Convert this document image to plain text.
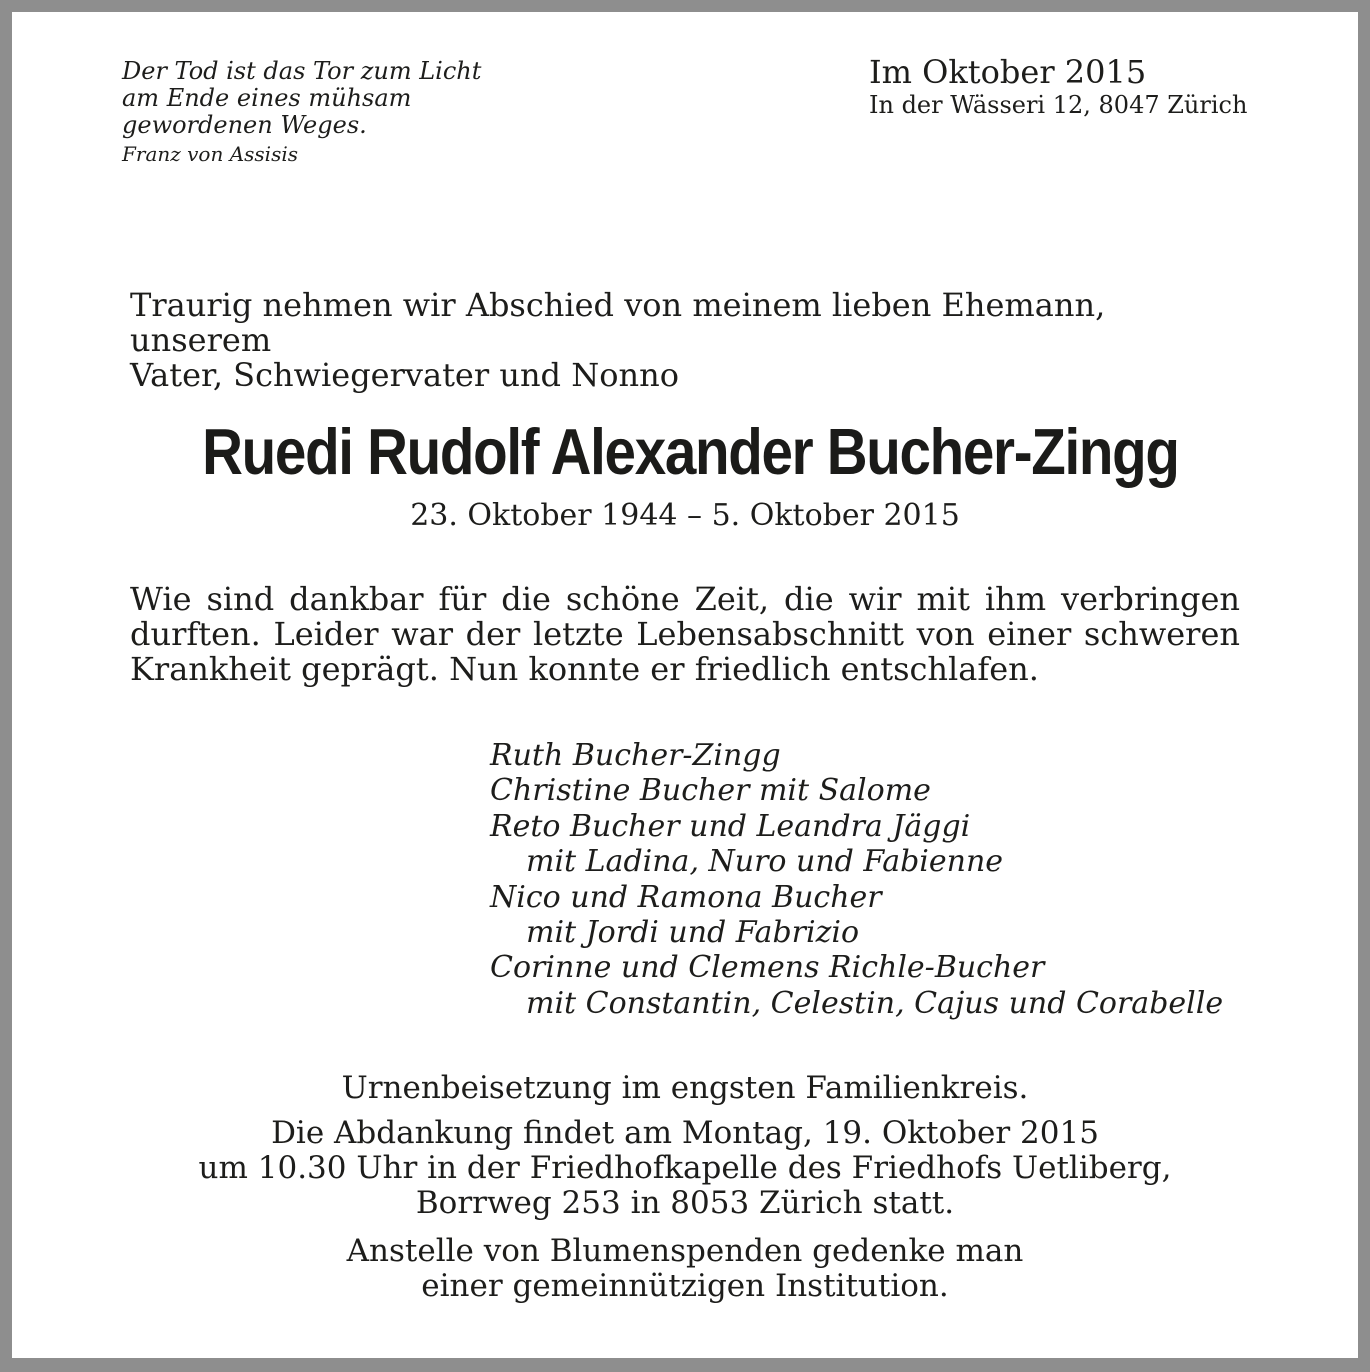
Der Tod ist das Tor zum Licht
am Ende eines mühsam
gewordenen Weges.
Franz von Assisis
Im Oktober 2015
In der Wässeri 12, 8047 Zürich
Traurig nehmen wir Abschied von meinem lieben Ehemann, unserem
Vater, Schwiegervater und Nonno
Ruedi Rudolf Alexander Bucher-Zingg
23. Oktober 1944 – 5. Oktober 2015
Wie sind dankbar für die schöne Zeit, die wir mit ihm verbringen
durften. Leider war der letzte Lebensabschnitt von einer schweren
Krankheit geprägt. Nun konnte er friedlich entschlafen.
Ruth Bucher-Zingg
Christine Bucher mit Salome
Reto Bucher und Leandra Jäggi
mit Ladina, Nuro und Fabienne
Nico und Ramona Bucher
mit Jordi und Fabrizio
Corinne und Clemens Richle-Bucher
mit Constantin, Celestin, Cajus und Corabelle
Urnenbeisetzung im engsten Familienkreis.
Die Abdankung findet am Montag, 19. Oktober 2015
um 10.30 Uhr in der Friedhofkapelle des Friedhofs Uetliberg,
Borrweg 253 in 8053 Zürich statt.
Anstelle von Blumenspenden gedenke man
einer gemeinnützigen Institution.
